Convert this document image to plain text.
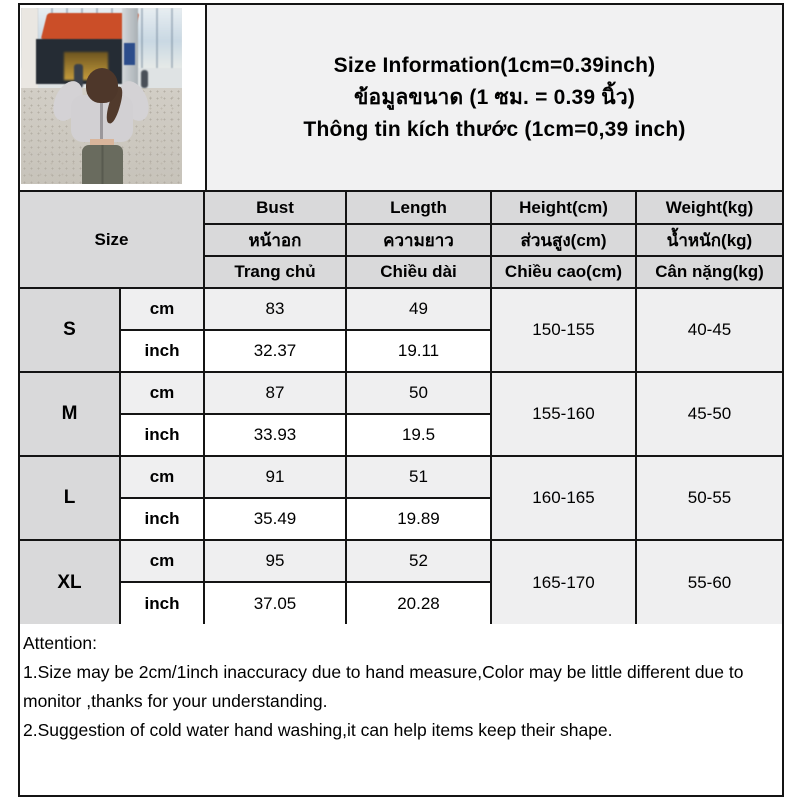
Size Information(1cm=0.39inch)
ข้อมูลขนาด (1 ซม. = 0.39 นิ้ว)
Thông tin kích thước (1cm=0,39 inch)
Size		Bust	Length	Height(cm)	Weight(kg)
		หน้าอก	ความยาว	ส่วนสูง(cm)	น้ำหนัก(kg)
		Trang chủ	Chiều dài	Chiều cao(cm)	Cân nặng(kg)
S	cm	83	49	150-155	40-45
	inch	32.37	19.11		
M	cm	87	50	155-160	45-50
	inch	33.93	19.5		
L	cm	91	51	160-165	50-55
	inch	35.49	19.89		
XL	cm	95	52	165-170	55-60
	inch	37.05	20.28		
Attention:
1.Size may be 2cm/1inch inaccuracy due to hand measure,Color may be little different due to monitor ,thanks for your understanding.
2.Suggestion of cold water hand washing,it can help items keep their shape.
